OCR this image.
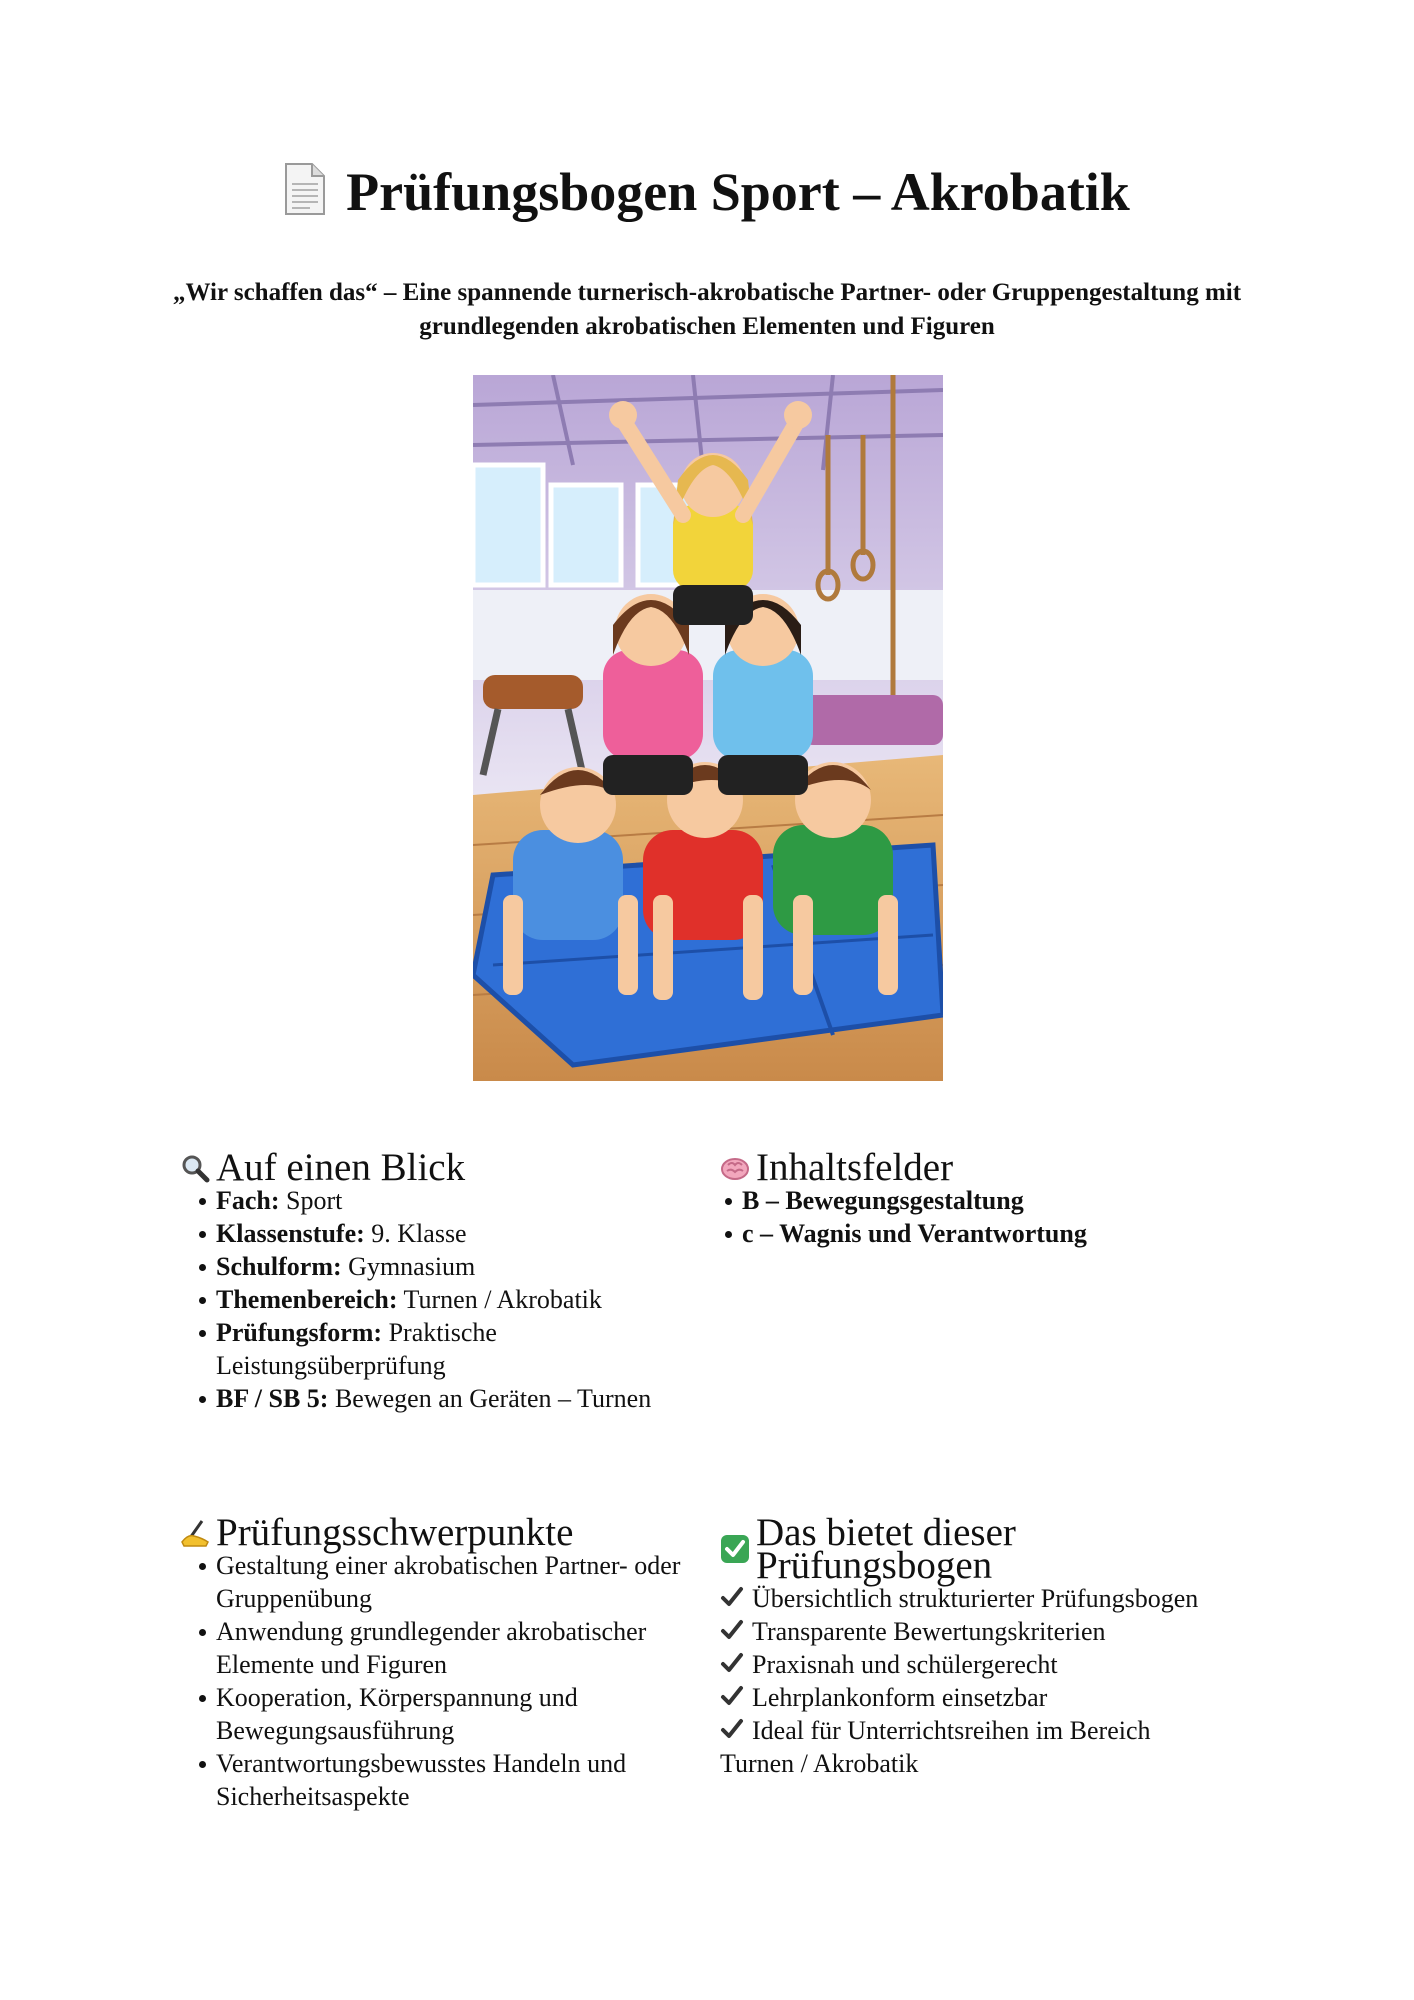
Prüfungsbogen Sport – Akrobatik

„Wir schaffen das“ – Eine spannende turnerisch-akrobatische Partner- oder Gruppengestaltung mit grundlegenden akrobatischen Elementen und Figuren

Auf einen Blick
Fach: Sport
Klassenstufe: 9. Klasse
Schulform: Gymnasium
Themenbereich: Turnen / Akrobatik
Prüfungsform: Praktische Leistungsüberprüfung
BF / SB 5: Bewegen an Geräten – Turnen
Inhaltsfelder
B – Bewegungsgestaltung
c – Wagnis und Verantwortung
Prüfungsschwerpunkte
Gestaltung einer akrobatischen Partner- oder Gruppenübung
Anwendung grundlegender akrobatischer Elemente und Figuren
Kooperation, Körperspannung und Bewegungsausführung
Verantwortungsbewusstes Handeln und Sicherheitsaspekte
Das bietet dieser Prüfungsbogen
Übersichtlich strukturierter Prüfungsbogen
Transparente Bewertungskriterien
Praxisnah und schülergerecht
Lehrplankonform einsetzbar
Ideal für Unterrichtsreihen im Bereich Turnen / Akrobatik
